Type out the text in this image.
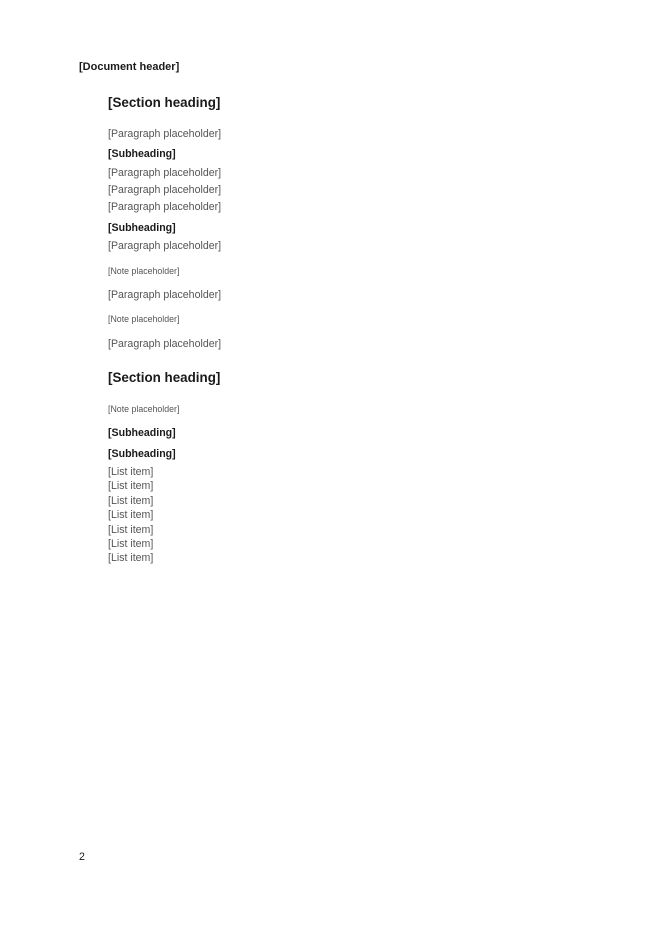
[Document header]
[Section heading]

[Paragraph placeholder]

[Subheading]

[Paragraph placeholder]

[Paragraph placeholder]

[Paragraph placeholder]

[Subheading]

[Paragraph placeholder]

[Note placeholder]

[Paragraph placeholder]

[Note placeholder]

[Paragraph placeholder]

[Section heading]

[Note placeholder]

[Subheading]
[Subheading]
[List item]
[List item]
[List item]
[List item]
[List item]
[List item]
[List item]
2
